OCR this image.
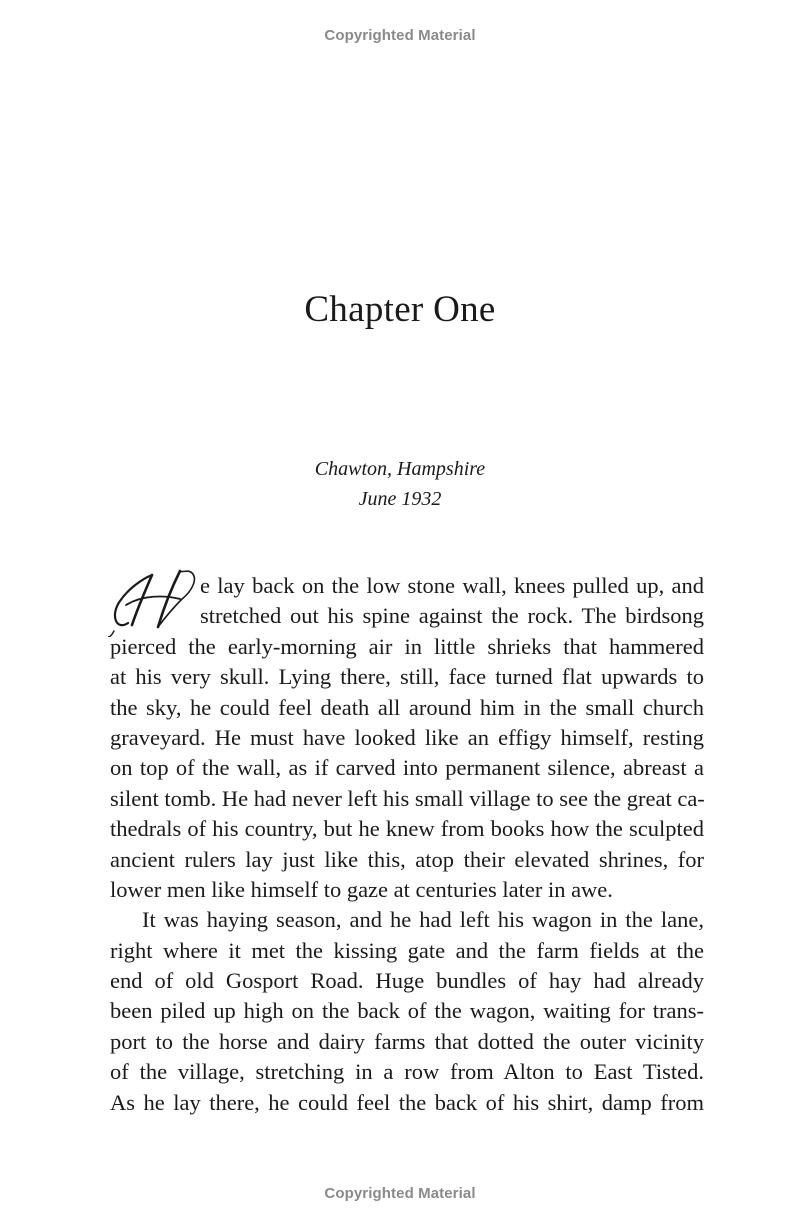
Copyrighted Material
Chapter One
Chawton, Hampshire
June 1932
e lay back on the low stone wall, knees pulled up, and
stretched out his spine against the rock. The birdsong
pierced the early-morning air in little shrieks that hammered
at his very skull. Lying there, still, face turned flat upwards to
the sky, he could feel death all around him in the small church
graveyard. He must have looked like an effigy himself, resting
on top of the wall, as if carved into permanent silence, abreast a
silent tomb. He had never left his small village to see the great ca-
thedrals of his country, but he knew from books how the sculpted
ancient rulers lay just like this, atop their elevated shrines, for
lower men like himself to gaze at centuries later in awe.
It was haying season, and he had left his wagon in the lane,
right where it met the kissing gate and the farm fields at the
end of old Gosport Road. Huge bundles of hay had already
been piled up high on the back of the wagon, waiting for trans-
port to the horse and dairy farms that dotted the outer vicinity
of the village, stretching in a row from Alton to East Tisted.
As he lay there, he could feel the back of his shirt, damp from
Copyrighted Material
